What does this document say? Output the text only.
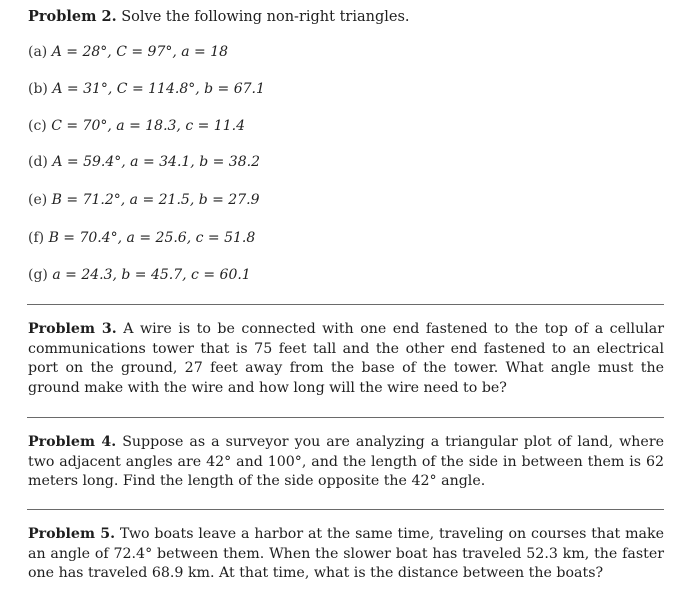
Problem 2. Solve the following non-right triangles.
(a) A = 28°, C = 97°, a = 18
(b) A = 31°, C = 114.8°, b = 67.1
(c) C = 70°, a = 18.3, c = 11.4
(d) A = 59.4°, a = 34.1, b = 38.2
(e) B = 71.2°, a = 21.5, b = 27.9
(f) B = 70.4°, a = 25.6, c = 51.8
(g) a = 24.3, b = 45.7, c = 60.1
Problem 3. A wire is to be connected with one end fastened to the top of a cellular communications tower that is 75 feet tall and the other end fastened to an electrical port on the ground, 27 feet away from the base of the tower. What angle must the ground make with the wire and how long will the wire need to be?
Problem 4. Suppose as a surveyor you are analyzing a triangular plot of land, where two adjacent angles are 42° and 100°, and the length of the side in between them is 62 meters long. Find the length of the side opposite the 42° angle.
Problem 5. Two boats leave a harbor at the same time, traveling on courses that make an angle of 72.4° between them. When the slower boat has traveled 52.3 km, the faster one has traveled 68.9 km. At that time, what is the distance between the boats?
